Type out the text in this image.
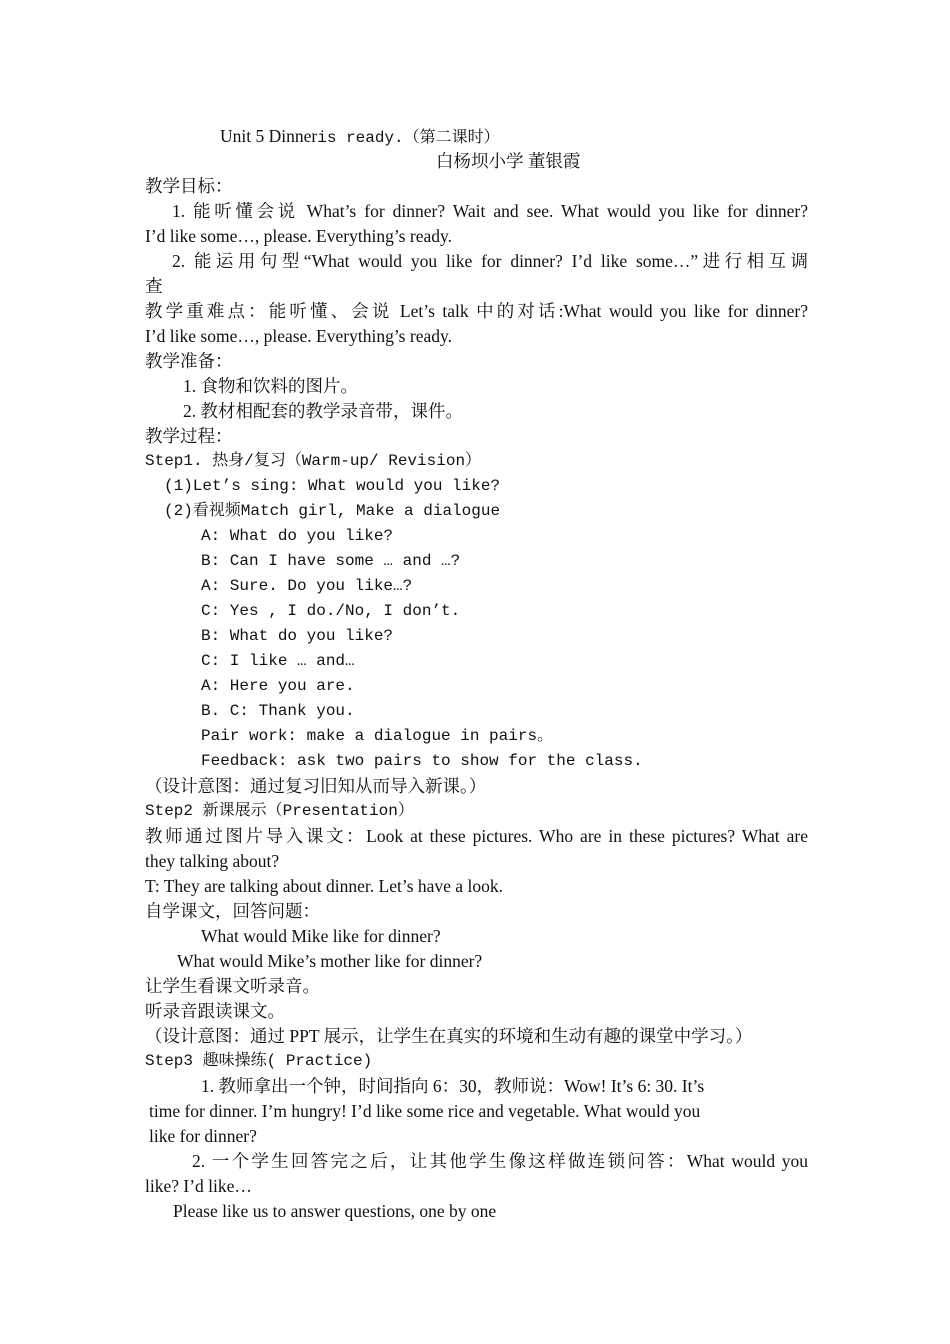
Unit 5 Dinneris ready.（第二课时）
白杨坝小学 董银霞
教学目标：
1. 能听懂会说 What’s for dinner? Wait and see. What would you like for dinner?
I’d like some…, please. Everything’s ready.
2. 能运用句型“What would you like for dinner? I’d like some…”进行相互调
查
教学重难点：能听懂、会说 Let’s talk 中的对话:What would you like for dinner?
I’d like some…, please. Everything’s ready.
教学准备：
1. 食物和饮料的图片。
2. 教材相配套的教学录音带，课件。
教学过程：
Step1. 热身/复习（Warm-up/ Revision）
(1)Let’s sing: What would you like?
(2)看视频Match girl, Make a dialogue
A: What do you like?
B: Can I have some … and …?
A: Sure. Do you like…?
C: Yes , I do./No, I don’t.
B: What do you like?
C: I like … and…
A: Here you are.
B. C: Thank you.
Pair work: make a dialogue in pairs。
Feedback: ask two pairs to show for the class.
（设计意图：通过复习旧知从而导入新课。）
Step2 新课展示（Presentation）
教师通过图片导入课文：Look at these pictures. Who are in these pictures? What are
they talking about?
T: They are talking about dinner. Let’s have a look.
自学课文，回答问题：
What would Mike like for dinner?
What would Mike’s mother like for dinner?
让学生看课文听录音。
听录音跟读课文。
（设计意图：通过 PPT 展示，让学生在真实的环境和生动有趣的课堂中学习。）
Step3 趣味操练( Practice)
1. 教师拿出一个钟，时间指向 6：30，教师说：Wow! It’s 6: 30. It’s
time for dinner. I’m hungry! I’d like some rice and vegetable. What would you
like for dinner?
2. 一个学生回答完之后，让其他学生像这样做连锁问答：What would you
like? I’d like…
Please like us to answer questions, one by one
